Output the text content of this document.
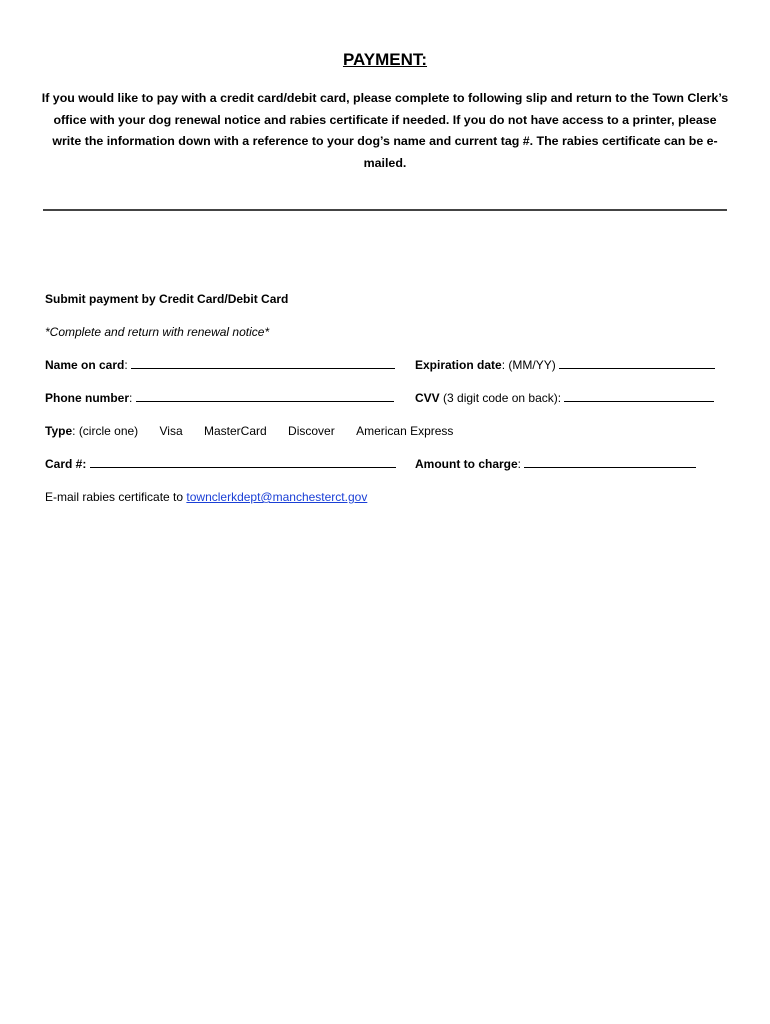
PAYMENT:
If you would like to pay with a credit card/debit card, please complete to following slip and return to the Town Clerk’s office with your dog renewal notice and rabies certificate if needed. If you do not have access to a printer, please write the information down with a reference to your dog’s name and current tag #. The rabies certificate can be e-mailed.
Submit payment by Credit Card/Debit Card
*Complete and return with renewal notice*
Name on card:	Expiration date: (MM/YY)
Phone number:	CVV (3 digit code on back):
Type: (circle one) Visa MasterCard Discover American Express
Card #:	Amount to charge:
E-mail rabies certificate to townclerkdept@manchesterct.gov
